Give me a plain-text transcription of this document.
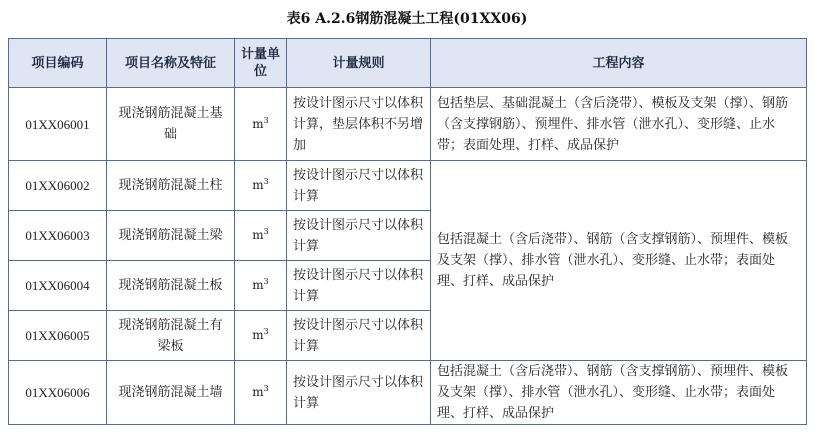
表6 A.2.6钢筋混凝土工程(01XX06)
项目编码	项目名称及特征	计量单位	计量规则	工程内容
01XX06001	现浇钢筋混凝土基础	$m^3$	按设计图示尺寸以体积计算，垫层体积不另增加	包括垫层、基础混凝土（含后浇带）、模板及支架（撑）、钢筋（含支撑钢筋）、预埋件、排水管（泄水孔）、变形缝、止水带；表面处理、打样、成品保护
01XX06002	现浇钢筋混凝土柱	$m^3$	按设计图示尺寸以体积计算	包括混凝土（含后浇带）、钢筋（含支撑钢筋）、预埋件、模板及支架（撑）、排水管（泄水孔）、变形缝、止水带；表面处理、打样、成品保护
01XX06003	现浇钢筋混凝土梁	$m^3$	按设计图示尺寸以体积计算	
01XX06004	现浇钢筋混凝土板	$m^3$	按设计图示尺寸以体积计算	
01XX06005	现浇钢筋混凝土有梁板	$m^3$	按设计图示尺寸以体积计算	
01XX06006	现浇钢筋混凝土墙	$m^3$	按设计图示尺寸以体积计算	包括混凝土（含后浇带）、钢筋（含支撑钢筋）、预埋件、模板及支架（撑）、排水管（泄水孔）、变形缝、止水带；表面处理、打样、成品保护
